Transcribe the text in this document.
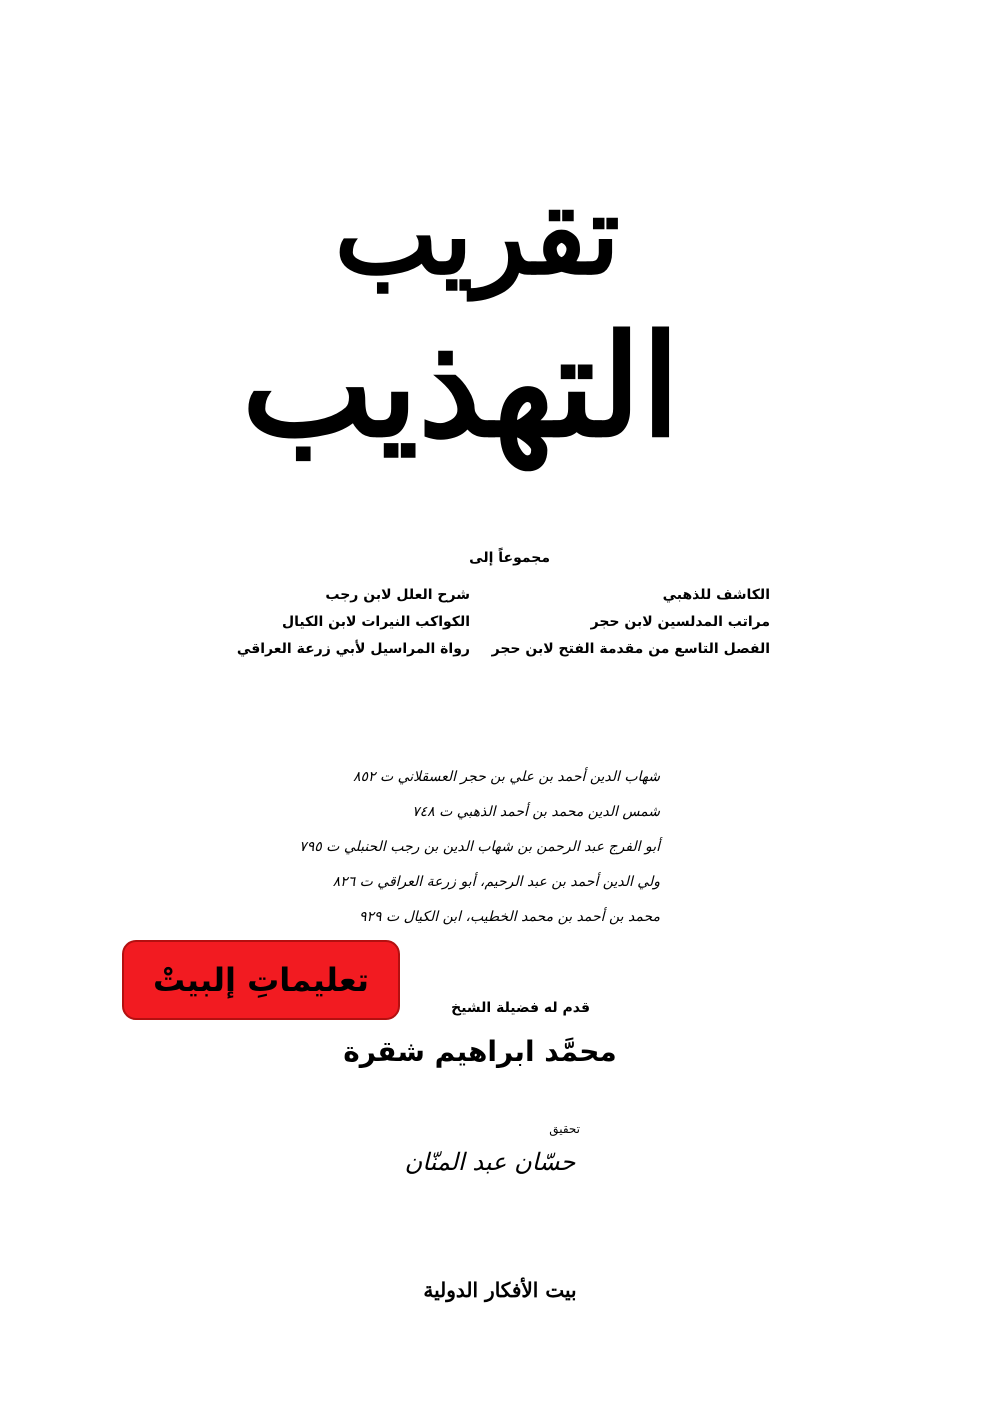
تقريب
التهذيب
مجموعاً إلى
الكاشف للذهبي
مراتب المدلسين لابن حجر
الفصل التاسع من مقدمة الفتح لابن حجر
شرح العلل لابن رجب
الكواكب النيرات لابن الكيال
رواة المراسيل لأبي زرعة العراقي
شهاب الدين أحمد بن علي بن حجر العسقلاني ت ٨٥٢
شمس الدين محمد بن أحمد الذهبي ت ٧٤٨
أبو الفرج عبد الرحمن بن شهاب الدين بن رجب الحنبلي ت ٧٩٥
ولي الدين أحمد بن عبد الرحيم، أبو زرعة العراقي ت ٨٢٦
محمد بن أحمد بن محمد الخطيب، ابن الكيال ت ٩٢٩
تعليماتِ إلبيتْ
قدم له فضيلة الشيخ
محمَّد ابراهيم شقرة
تحقيق
حسّان عبد المنّان
بيت الأفكار الدولية
